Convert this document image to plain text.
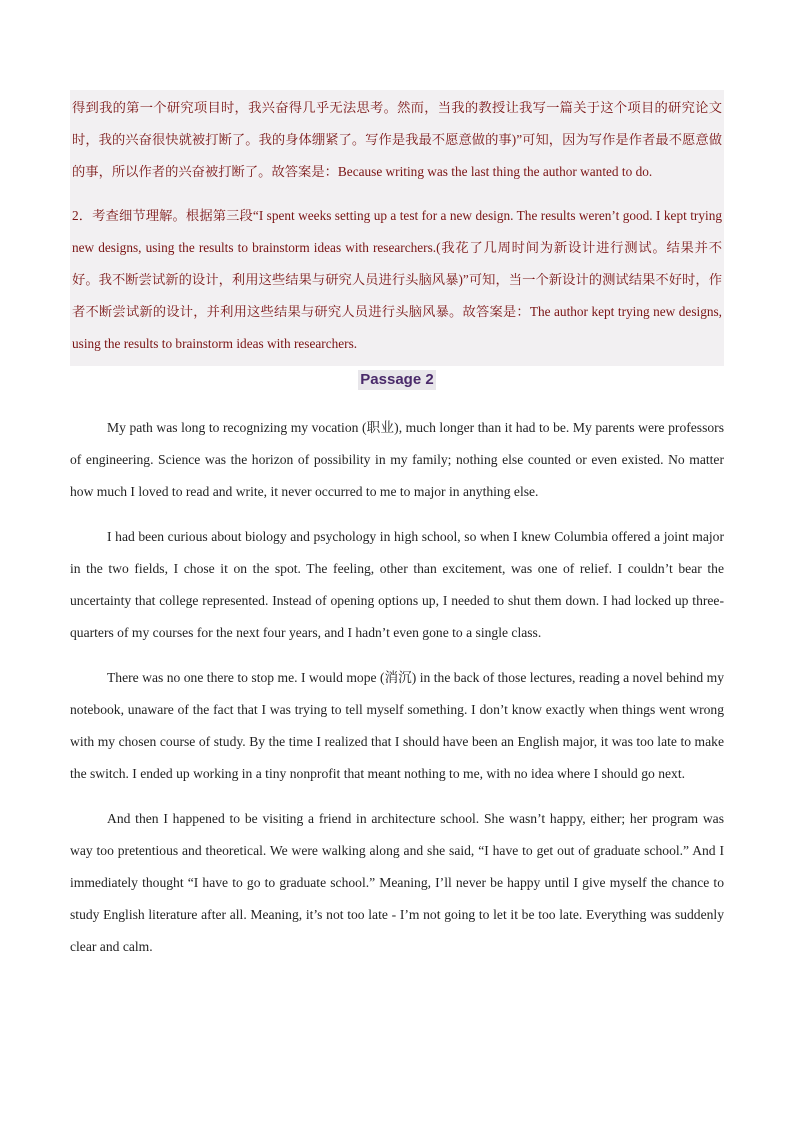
得到我的第一个研究项目时，我兴奋得几乎无法思考。然而，当我的教授让我写一篇关于这个项目的研究论文时，我的兴奋很快就被打断了。我的身体绷紧了。写作是我最不愿意做的事)”可知，因为写作是作者最不愿意做的事，所以作者的兴奋被打断了。故答案是：Because writing was the last thing the author wanted to do.

2．考查细节理解。根据第三段“I spent weeks setting up a test for a new design. The results weren’t good. I kept trying new designs, using the results to brainstorm ideas with researchers.(我花了几周时间为新设计进行测试。结果并不好。我不断尝试新的设计，利用这些结果与研究人员进行头脑风暴)”可知，当一个新设计的测试结果不好时，作者不断尝试新的设计，并利用这些结果与研究人员进行头脑风暴。故答案是：The author kept trying new designs, using the results to brainstorm ideas with researchers.

Passage 2

My path was long to recognizing my vocation (职业), much longer than it had to be. My parents were professors of engineering. Science was the horizon of possibility in my family; nothing else counted or even existed. No matter how much I loved to read and write, it never occurred to me to major in anything else.

I had been curious about biology and psychology in high school, so when I knew Columbia offered a joint major in the two fields, I chose it on the spot. The feeling, other than excitement, was one of relief. I couldn’t bear the uncertainty that college represented. Instead of opening options up, I needed to shut them down. I had locked up three-quarters of my courses for the next four years, and I hadn’t even gone to a single class.

There was no one there to stop me. I would mope (消沉) in the back of those lectures, reading a novel behind my notebook, unaware of the fact that I was trying to tell myself something. I don’t know exactly when things went wrong with my chosen course of study. By the time I realized that I should have been an English major, it was too late to make the switch. I ended up working in a tiny nonprofit that meant nothing to me, with no idea where I should go next.

And then I happened to be visiting a friend in architecture school. She wasn’t happy, either; her program was way too pretentious and theoretical. We were walking along and she said, “I have to get out of graduate school.” And I immediately thought “I have to go to graduate school.” Meaning, I’ll never be happy until I give myself the chance to study English literature after all. Meaning, it’s not too late - I’m not going to let it be too late. Everything was suddenly clear and calm.
